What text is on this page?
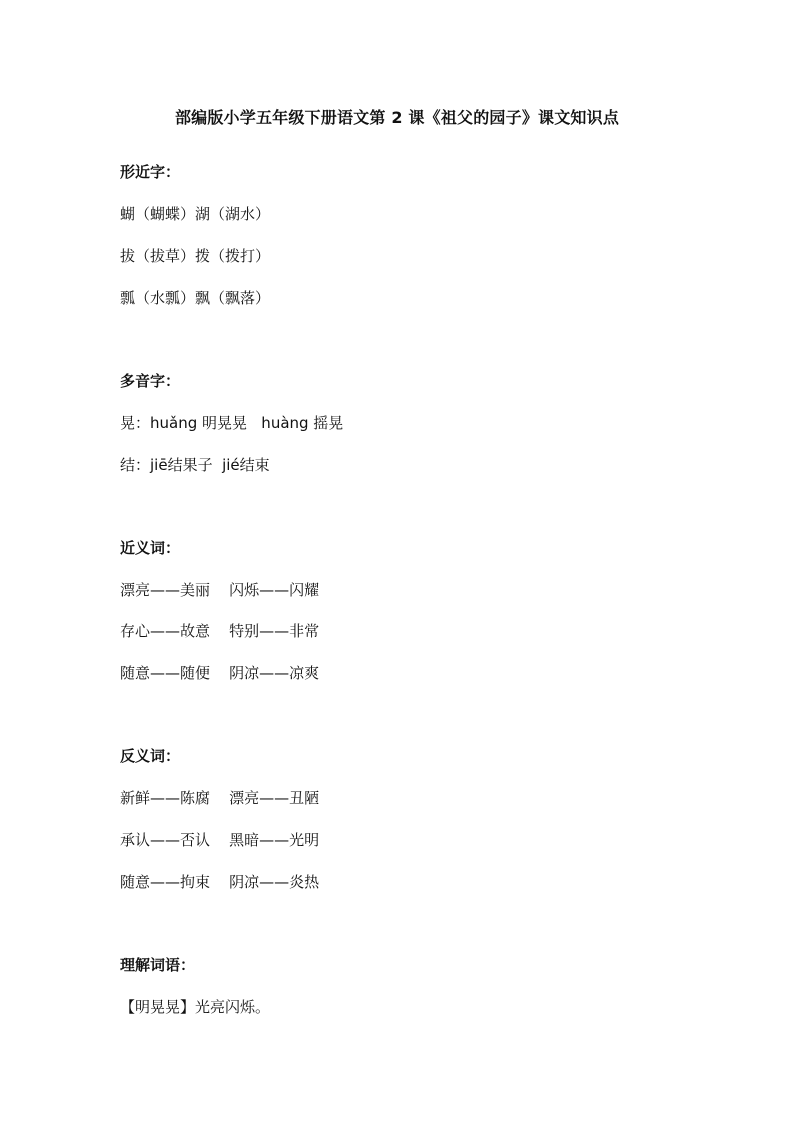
部编版小学五年级下册语文第 2 课《祖父的园子》课文知识点
形近字：
蝴（蝴蝶）湖（湖水）
拔（拔草）拨（拨打）
瓢（水瓢）飘（飘落）
多音字：
晃：huǎng 明晃晃   huàng 摇晃
结：jiē结果子  jié结束
近义词：
漂亮——美丽    闪烁——闪耀
存心——故意    特别——非常
随意——随便    阴凉——凉爽
反义词：
新鲜——陈腐    漂亮——丑陋
承认——否认    黑暗——光明
随意——拘束    阴凉——炎热
理解词语：
【明晃晃】光亮闪烁。
